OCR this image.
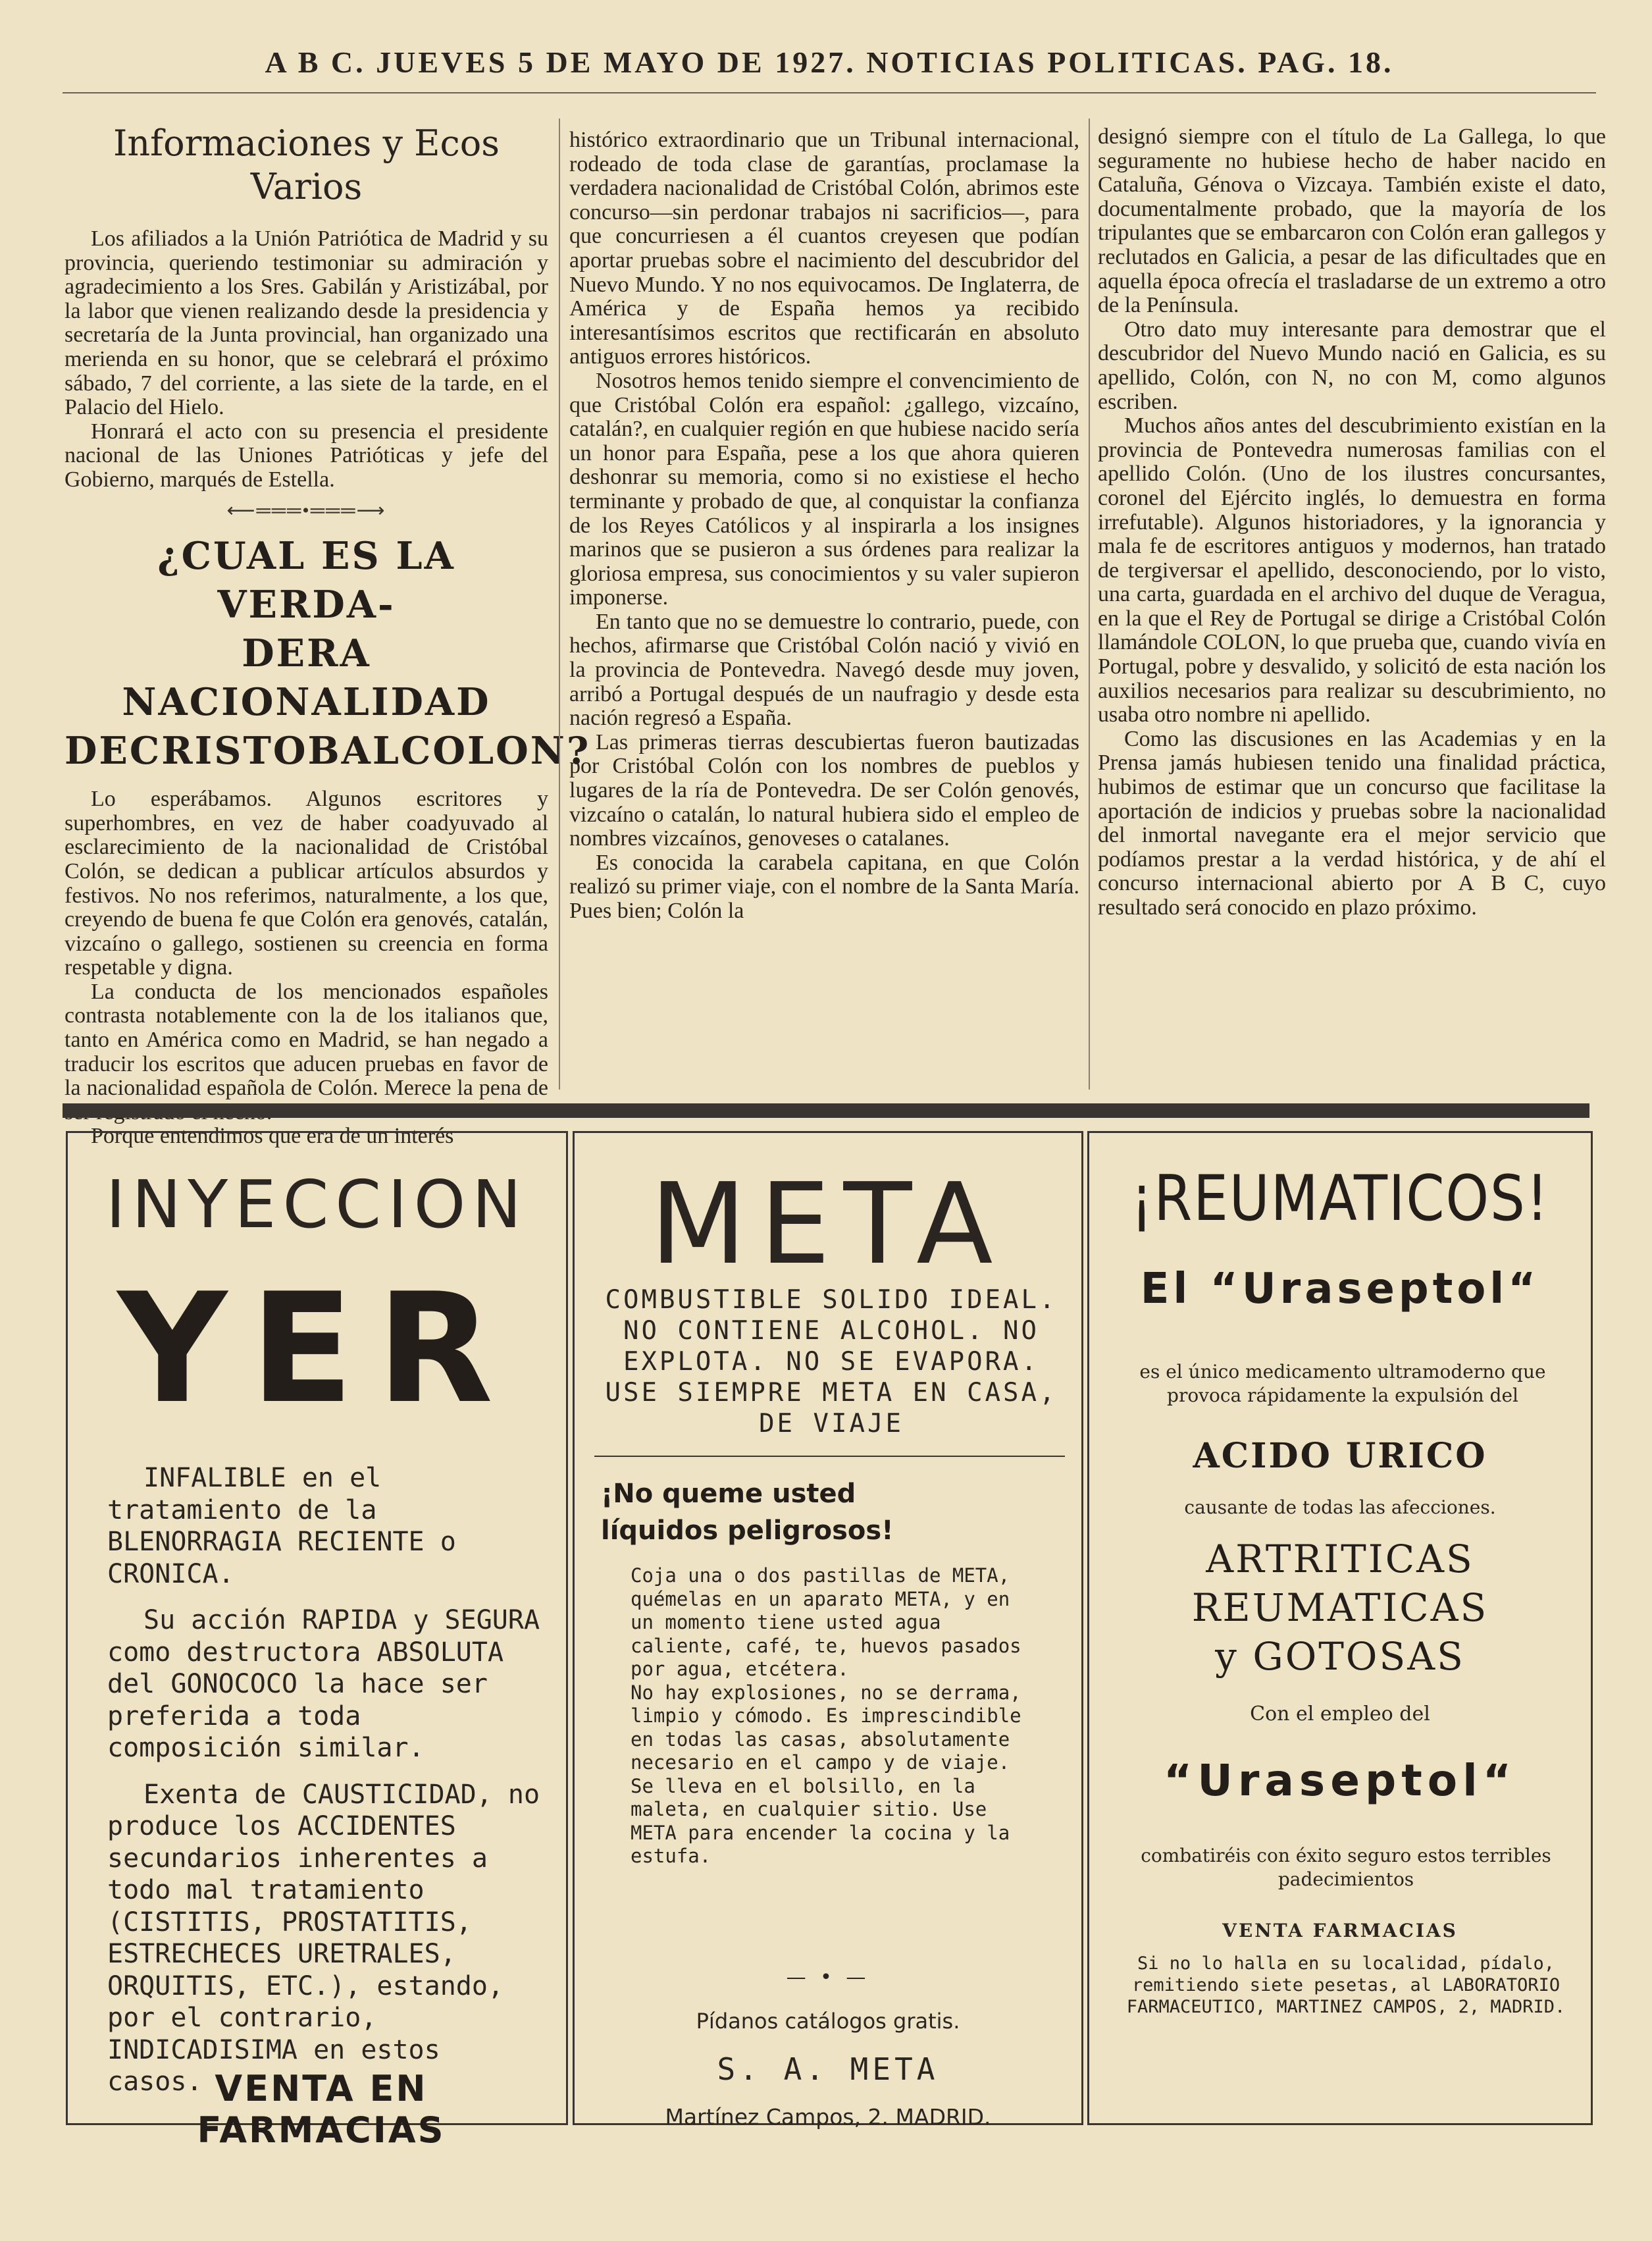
A B C. JUEVES 5 DE MAYO DE 1927. NOTICIAS POLITICAS. PAG. 18.
Informaciones y Ecos
Varios

Los afiliados a la Unión Patriótica de Madrid y su provincia, queriendo testimoniar su admiración y agradecimiento a los Sres. Gabilán y Aristizábal, por la labor que vienen realizando desde la presidencia y secretaría de la Junta provincial, han organizado una merienda en su honor, que se celebrará el próximo sábado, 7 del corriente, a las siete de la tarde, en el Palacio del Hielo.

Honrará el acto con su presencia el presidente nacional de las Uniones Patrióticas y jefe del Gobierno, marqués de Estella.

⟵═══•═══⟶
¿CUAL ES LA VERDA-
DERA NACIONALIDAD
DECRISTOBALCOLON?

Lo esperábamos. Algunos escritores y superhombres, en vez de haber coadyuvado al esclarecimiento de la nacionalidad de Cristóbal Colón, se dedican a publicar artículos absurdos y festivos. No nos referimos, naturalmente, a los que, creyendo de buena fe que Colón era genovés, catalán, vizcaíno o gallego, sostienen su creencia en forma respetable y digna.

La conducta de los mencionados españoles contrasta notablemente con la de los italianos que, tanto en América como en Madrid, se han negado a traducir los escritos que aducen pruebas en favor de la nacionalidad española de Colón. Merece la pena de

Porque entendimos que era de un interés

histórico extraordinario que un Tribunal internacional, rodeado de toda clase de garantías, proclamase la verdadera nacionalidad de Cristóbal Colón, abrimos este concurso—sin perdonar trabajos ni sacrificios—, para que concurriesen a él cuantos creyesen que podían aportar pruebas sobre el nacimiento del descubridor del Nuevo Mundo. Y no nos equivocamos. De Inglaterra, de América y de España hemos ya recibido interesantísimos escritos que rectificarán en absoluto antiguos errores históricos.

Nosotros hemos tenido siempre el convencimiento de que Cristóbal Colón era español: ¿gallego, vizcaíno, catalán?, en cualquier región en que hubiese nacido sería un honor para España, pese a los que ahora quieren deshonrar su memoria, como si no existiese el hecho terminante y probado de que, al conquistar la confianza de los Reyes Católicos y al inspirarla a los insignes marinos que se pusieron a sus órdenes para realizar la gloriosa empresa, sus conocimientos y su valer supieron imponerse.

En tanto que no se demuestre lo contrario, puede, con hechos, afirmarse que Cristóbal Colón nació y vivió en la provincia de Pontevedra. Navegó desde muy joven, arribó a Portugal después de un naufragio y desde esta nación regresó a España.

Las primeras tierras descubiertas fueron bautizadas por Cristóbal Colón con los nombres de pueblos y lugares de la ría de Pontevedra. De ser Colón genovés, vizcaíno o catalán, lo natural hubiera sido el empleo de nombres vizcaínos, genoveses o catalanes.

Es conocida la carabela capitana, en que Colón realizó su primer viaje, con el nombre de la Santa María. Pues bien; Colón la

designó siempre con el título de La Gallega, lo que seguramente no hubiese hecho de haber nacido en Cataluña, Génova o Vizcaya. También existe el dato, documentalmente probado, que la mayoría de los tripulantes que se embarcaron con Colón eran gallegos y reclutados en Galicia, a pesar de las dificultades que en aquella época ofrecía el trasladarse de un extremo a otro de la Península.

Otro dato muy interesante para demostrar que el descubridor del Nuevo Mundo nació en Galicia, es su apellido, Colón, con N, no con M, como algunos escriben.

Muchos años antes del descubrimiento existían en la provincia de Pontevedra numerosas familias con el apellido Colón. (Uno de los ilustres concursantes, coronel del Ejército inglés, lo demuestra en forma irrefutable). Algunos historiadores, y la ignorancia y mala fe de escritores antiguos y modernos, han tratado de tergiversar el apellido, desconociendo, por lo visto, una carta, guardada en el archivo del duque de Veragua, en la que el Rey de Portugal se dirige a Cristóbal Colón llamándole COLON, lo que prueba que, cuando vivía en Portugal, pobre y desvalido, y solicitó de esta nación los auxilios necesarios para realizar su descubrimiento, no usaba otro nombre ni apellido.

Como las discusiones en las Academias y en la Prensa jamás hubiesen tenido una finalidad práctica, hubimos de estimar que un concurso que facilitase la aportación de indicios y pruebas sobre la nacionalidad del inmortal navegante era el mejor servicio que podíamos prestar a la verdad histórica, y de ahí el concurso internacional abierto por A B C, cuyo resultado será conocido en plazo próximo.

INYECCION
YER

INFALIBLE en el tratamiento de la BLENORRAGIA RECIENTE o CRONICA.

Su acción RAPIDA y SEGURA como destructora ABSOLUTA del GONOCOCO la hace ser preferida a toda composición similar.

Exenta de CAUSTICIDAD, no produce los ACCIDENTES secundarios inherentes a todo mal tratamiento (CISTITIS, PROSTATITIS, ESTRECHECES URETRALES, ORQUITIS, ETC.), estando, por el contrario, INDICADISIMA en estos casos. VENTA EN FARMACIAS
META
COMBUSTIBLE SOLIDO IDEAL. NO CONTIENE ALCOHOL. NO EXPLOTA. NO SE EVAPORA. USE SIEMPRE META EN CASA, DE VIAJE
¡No queme usted líquidos peligrosos!

Coja una o dos pastillas de META, quémelas en un aparato META, y en un momento tiene usted agua caliente, café, te, huevos pasados por agua, etcétera.

No hay explosiones, no se derrama, limpio y cómodo. Es imprescindible en todas las casas, absolutamente necesario en el campo y de viaje. Se lleva en el bolsillo, en la maleta, en cualquier sitio. Use META para encender la cocina y la estufa.

— • —
Pídanos catálogos gratis.
S. A. META
Martínez Campos, 2. MADRID.
¡REUMATICOS!
El “Uraseptol“
es el único medicamento ultramoderno que provoca rápidamente la expulsión del
ACIDO URICO
causante de todas las afecciones.
ARTRITICAS
REUMATICAS
y GOTOSAS
Con el empleo del
“Uraseptol“
combatiréis con éxito seguro estos terribles padecimientos
VENTA FARMACIAS
Si no lo halla en su localidad, pídalo, remitiendo siete pesetas, al LABORATORIO FARMACEUTICO, MARTINEZ CAMPOS, 2, MADRID.
